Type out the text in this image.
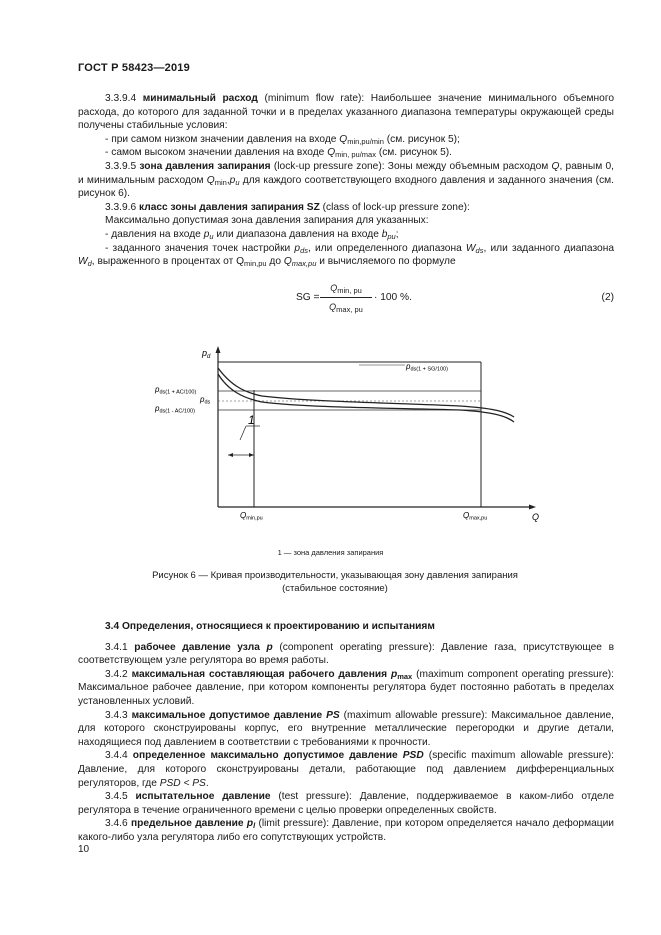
ГОСТ Р 58423—2019

3.3.9.4 минимальный расход (minimum flow rate): Наибольшее значение минимального объемного расхода, до которого для заданной точки и в пределах указанного диапазона температуры окружающей среды получены стабильные условия:

- при самом низком значении давления на входе $Q_{min,pu/min}$ (см. рисунок 5);

- самом высоком значении давления на входе $Q_{min, pu/max}$ (см. рисунок 5).

3.3.9.5 зона давления запирания (lock-up pressure zone): Зоны между объемным расходом Q, равным 0, и минимальным расходом $Q_{min},p_u$ для каждого соответствующего входного давления и заданного значения (см. рисунок 6).

3.3.9.6 класс зоны давления запирания SZ (class of lock-up pressure zone):

Максимально допустимая зона давления запирания для указанных:

- давления на входе $p_u$ или диапазона давления на входе $b_{pu}$;

- заданного значения точек настройки $p_{ds}$, или определенного диапазона $W_{ds}$, или заданного диапазона $W_d$, выраженного в процентах от $Q_{min,pu}$ до $Q_{max,pu}$ и вычисляемого по формуле

SG =
$Q_{min, pu}$
$Q_{max, pu}$
· 100 %.	(2)
1
$p_d$
Q
pds(1 + SG/100)
pds(1 + AC/100)
pds
pds(1 - AC/100)
Qmin,pu	Qmax,pu
1 — зона давления запирания
Рисунок 6 — Кривая производительности, указывающая зону давления запирания (стабильное состояние)

3.4 Определения, относящиеся к проектированию и испытаниям

3.4.1 рабочее давление узла p (component operating pressure): Давление газа, присутствующее в соответствующем узле регулятора во время работы.

3.4.2 максимальная составляющая рабочего давления $p_{max}$ (maximum component operating pressure): Максимальное рабочее давление, при котором компоненты регулятора будет постоянно работать в пределах установленных условий.

3.4.3 максимальное допустимое давление PS (maximum allowable pressure): Максимальное давление, для которого сконструированы корпус, его внутренние металлические перегородки и другие детали, находящиеся под давлением в соответствии с требованиями к прочности.

3.4.4 определенное максимально допустимое давление PSD (specific maximum allowable pressure): Давление, для которого сконструированы детали, работающие под давлением дифференциальных регуляторов, где PSD < PS.

3.4.5 испытательное давление (test pressure): Давление, поддерживаемое в каком-либо отделе регулятора в течение ограниченного времени с целью проверки определенных свойств.

3.4.6 предельное давление $p_l$ (limit pressure): Давление, при котором определяется начало деформации какого-либо узла регулятора либо его сопутствующих устройств.

10
